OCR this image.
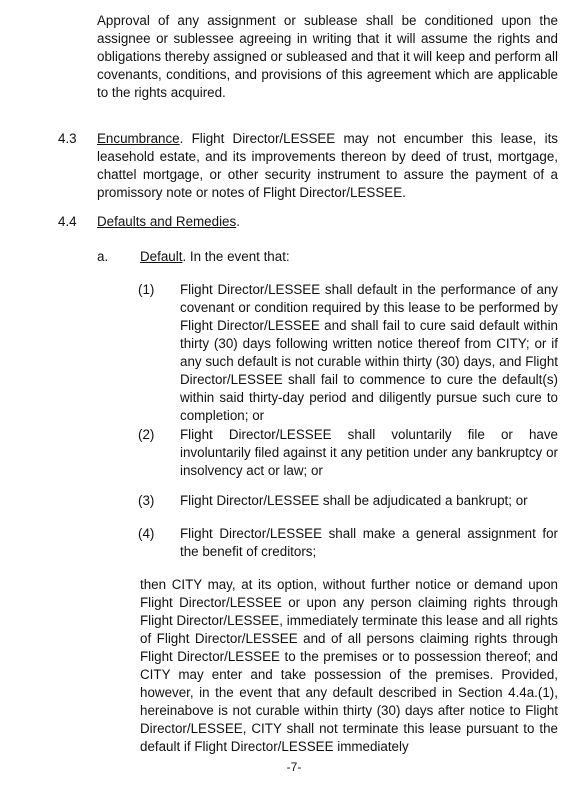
Approval of any assignment or sublease shall be conditioned upon the assignee or sublessee agreeing in writing that it will assume the rights and obligations thereby assigned or subleased and that it will keep and perform all covenants, conditions, and provisions of this agreement which are applicable to the rights acquired.
4.3 Encumbrance. Flight Director/LESSEE may not encumber this lease, its leasehold estate, and its improvements thereon by deed of trust, mortgage, chattel mortgage, or other security instrument to assure the payment of a promissory note or notes of Flight Director/LESSEE.
4.4 Defaults and Remedies.
a. Default. In the event that:
(1) Flight Director/LESSEE shall default in the performance of any covenant or condition required by this lease to be performed by Flight Director/LESSEE and shall fail to cure said default within thirty (30) days following written notice thereof from CITY; or if any such default is not curable within thirty (30) days, and Flight Director/LESSEE shall fail to commence to cure the default(s) within said thirty-day period and diligently pursue such cure to completion; or
(2) Flight Director/LESSEE shall voluntarily file or have involuntarily filed against it any petition under any bankruptcy or insolvency act or law; or
(3) Flight Director/LESSEE shall be adjudicated a bankrupt; or
(4) Flight Director/LESSEE shall make a general assignment for the benefit of creditors;
then CITY may, at its option, without further notice or demand upon Flight Director/LESSEE or upon any person claiming rights through Flight Director/LESSEE, immediately terminate this lease and all rights of Flight Director/LESSEE and of all persons claiming rights through Flight Director/LESSEE to the premises or to possession thereof; and CITY may enter and take possession of the premises. Provided, however, in the event that any default described in Section 4.4a.(1), hereinabove is not curable within thirty (30) days after notice to Flight Director/LESSEE, CITY shall not terminate this lease pursuant to the default if Flight Director/LESSEE immediately
-7-
